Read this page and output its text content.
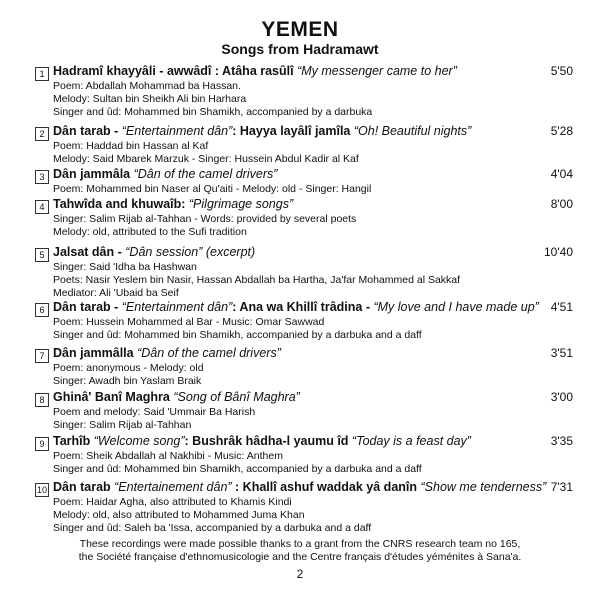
YEMEN
Songs from Hadramawt
1 Hadramî khayyâli - awwâdî : Atâha rasûlî “My messenger came to her”	5'50
Poem: Abdallah Mohammad ba Hassan.
Melody: Sultan bin Sheikh Ali bin Harhara
Singer and ûd: Mohammed bin Shamikh, accompanied by a darbuka
2 Dân tarab - “Entertainment dân”: Hayya layâlî jamîla “Oh! Beautiful nights”	5'28
Poem: Haddad bin Hassan al Kaf
Melody: Said Mbarek Marzuk - Singer: Hussein Abdul Kadir al Kaf
3 Dân jammâla “Dân of the camel drivers”	4'04
Poem: Mohammed bin Naser al Qu'aiti - Melody: old - Singer: Hangil
4 Tahwîda and khuwaîb: “Pilgrimage songs”	8'00
Singer: Salim Rijab al-Tahhan - Words: provided by several poets
Melody: old, attributed to the Sufi tradition
5 Jalsat dân - “Dân session” (excerpt)	10'40
Singer: Said 'Idha ba Hashwan
Poets: Nasir Yeslem bin Nasir, Hassan Abdallah ba Hartha, Ja'far Mohammed al Sakkaf
Mediator: Ali 'Ubaid ba Seif
6 Dân tarab - “Entertainment dân”: Ana wa Khillî trâdina - “My love and I have made up” 4'51
Poem: Hussein Mohammed al Bar - Music: Omar Sawwad
Singer and ûd: Mohammed bin Shamikh, accompanied by a darbuka and a daff
7 Dân jammâlla “Dân of the camel drivers”	3'51
Poem: anonymous - Melody: old
Singer: Awadh bin Yaslam Braik
8 Ghinâ' Banî Maghra “Song of Bânî Maghra”	3'00
Poem and melody: Said 'Ummair Ba Harish
Singer: Salim Rijab al-Tahhan
9 Tarhîb “Welcome song”: Bushrâk hâdha-l yaumu îd “Today is a feast day”	3'35
Poem: Sheik Abdallah al Nakhibi - Music: Anthem
Singer and ûd: Mohammed bin Shamikh, accompanied by a darbuka and a daff
10 Dân tarab “Entertainement dân” : Khallî ashuf waddak yâ danîn “Show me tenderness” 7'31
Poem: Haidar Agha, also attributed to Khamis Kindi
Melody: old, also attributed to Mohammed Juma Khan
Singer and ûd: Saleh ba 'Issa, accompanied by a darbuka and a daff
These recordings were made possible thanks to a grant from the CNRS research team no 165,
the Société française d'ethnomusicologie and the Centre français d'études yéménites à Sana'a.
2
